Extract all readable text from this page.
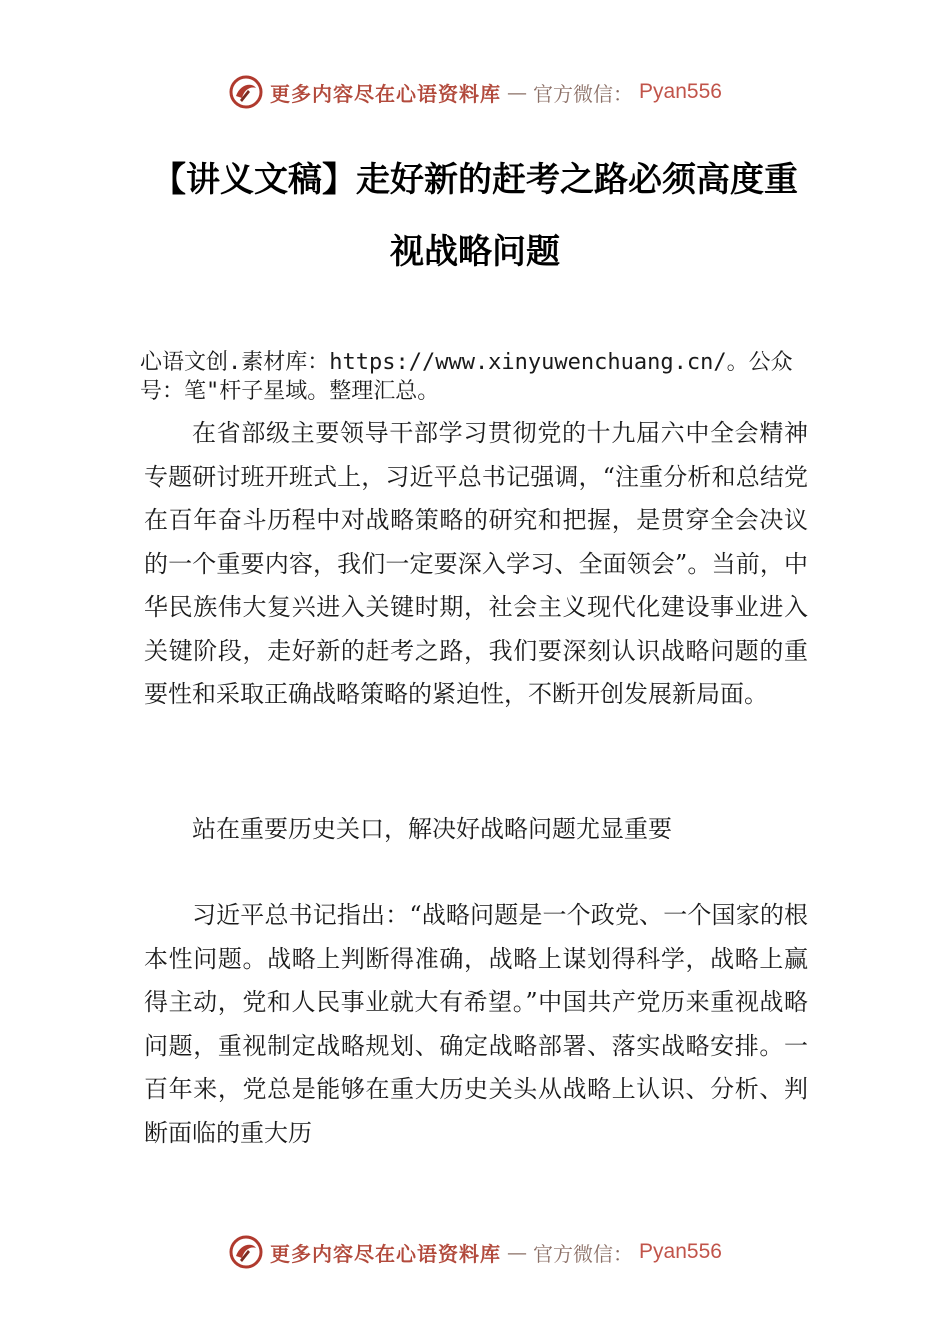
更多内容尽在心语资料库 — 官方微信： Pyan556
【讲义文稿】走好新的赶考之路必须高度重
视战略问题
心语文创.素材库：https://www.xinyuwenchuang.cn/。公众号：笔"杆子星域。整理汇总。
在省部级主要领导干部学习贯彻党的十九届六中全会精神专题研讨班开班式上，习近平总书记强调，“注重分析和总结党在百年奋斗历程中对战略策略的研究和把握，是贯穿全会决议的一个重要内容，我们一定要深入学习、全面领会”。当前，中华民族伟大复兴进入关键时期，社会主义现代化建设事业进入关键阶段，走好新的赶考之路，我们要深刻认识战略问题的重要性和采取正确战略策略的紧迫性，不断开创发展新局面。
站在重要历史关口，解决好战略问题尤显重要
习近平总书记指出：“战略问题是一个政党、一个国家的根本性问题。战略上判断得准确，战略上谋划得科学，战略上赢得主动，党和人民事业就大有希望。”中国共产党历来重视战略问题，重视制定战略规划、确定战略部署、落实战略安排。一百年来，党总是能够在重大历史关头从战略上认识、分析、判断面临的重大历
更多内容尽在心语资料库 — 官方微信： Pyan556
